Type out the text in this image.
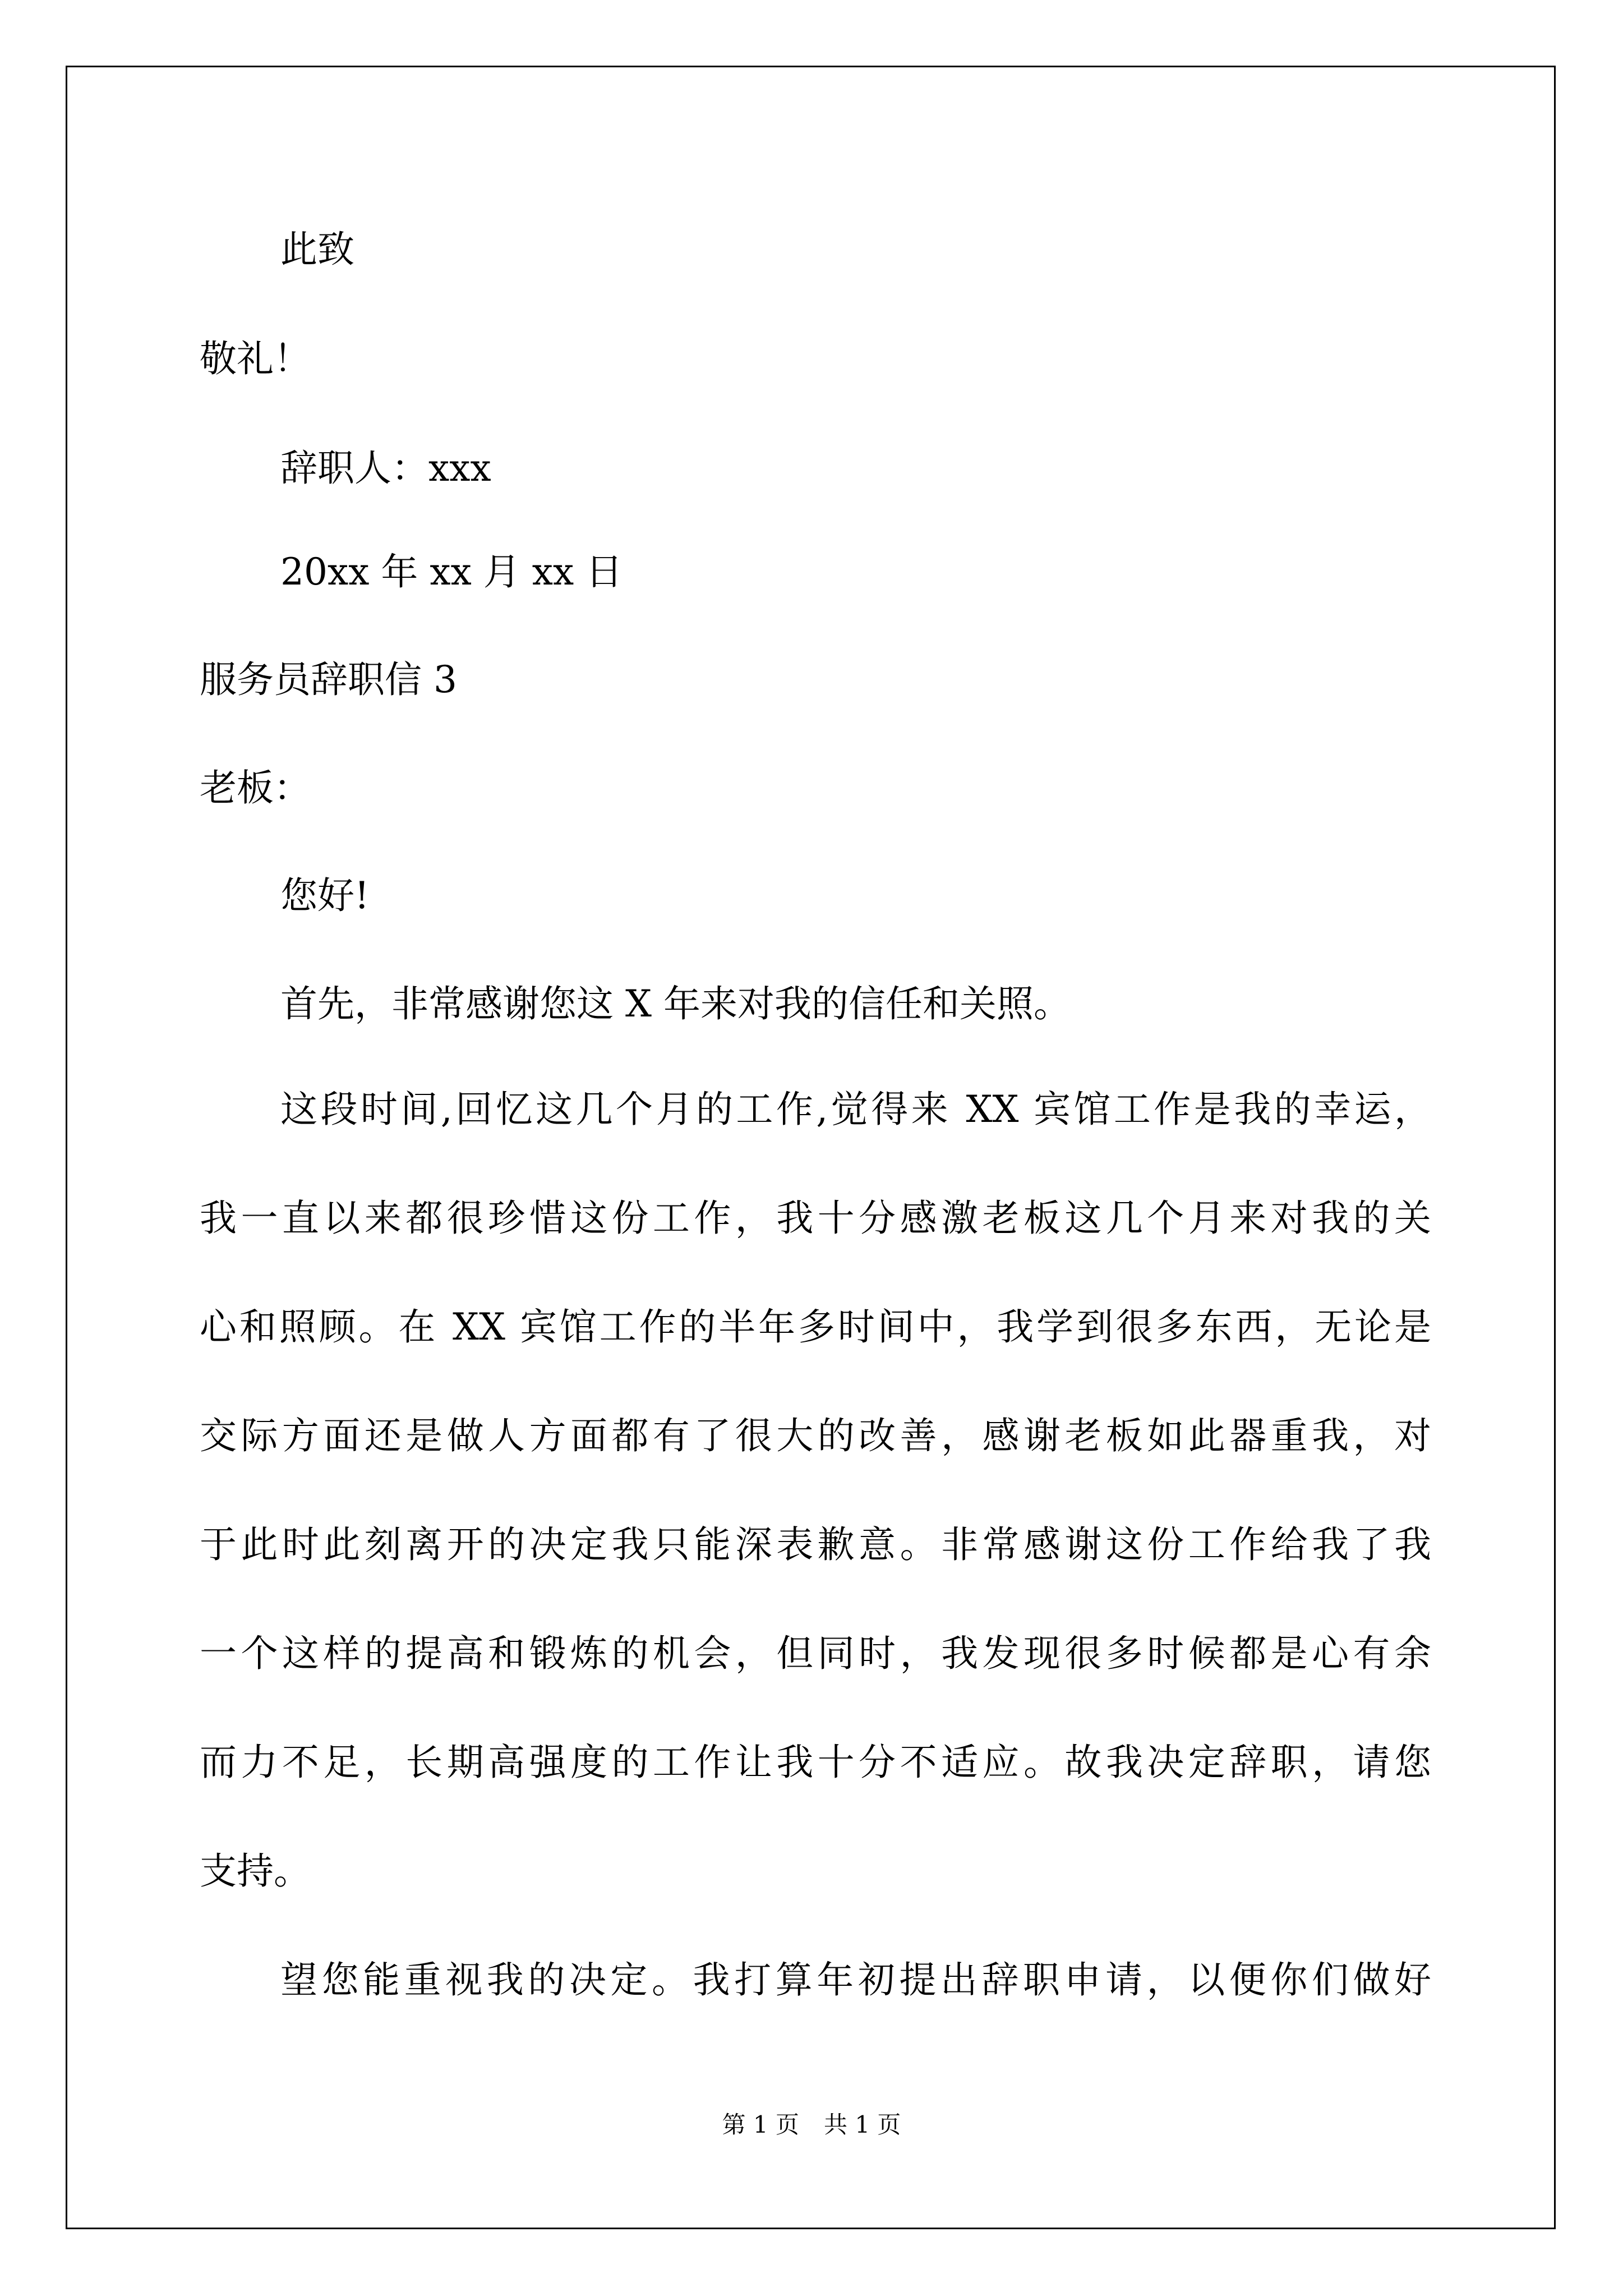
此致
敬礼！
辞职人：xxx
20xx 年 xx 月 xx 日
服务员辞职信 3
老板：
您好!
首先，非常感谢您这 X 年来对我的信任和关照。
这段时间,回忆这几个月的工作,觉得来 XX 宾馆工作是我的幸运，
我一直以来都很珍惜这份工作，我十分感激老板这几个月来对我的关
心和照顾。在 XX 宾馆工作的半年多时间中，我学到很多东西，无论是
交际方面还是做人方面都有了很大的改善，感谢老板如此器重我，对
于此时此刻离开的决定我只能深表歉意。非常感谢这份工作给我了我
一个这样的提高和锻炼的机会，但同时，我发现很多时候都是心有余
而力不足，长期高强度的工作让我十分不适应。故我决定辞职，请您
支持。
望您能重视我的决定。我打算年初提出辞职申请，以便你们做好
第 1 页 共 1 页
